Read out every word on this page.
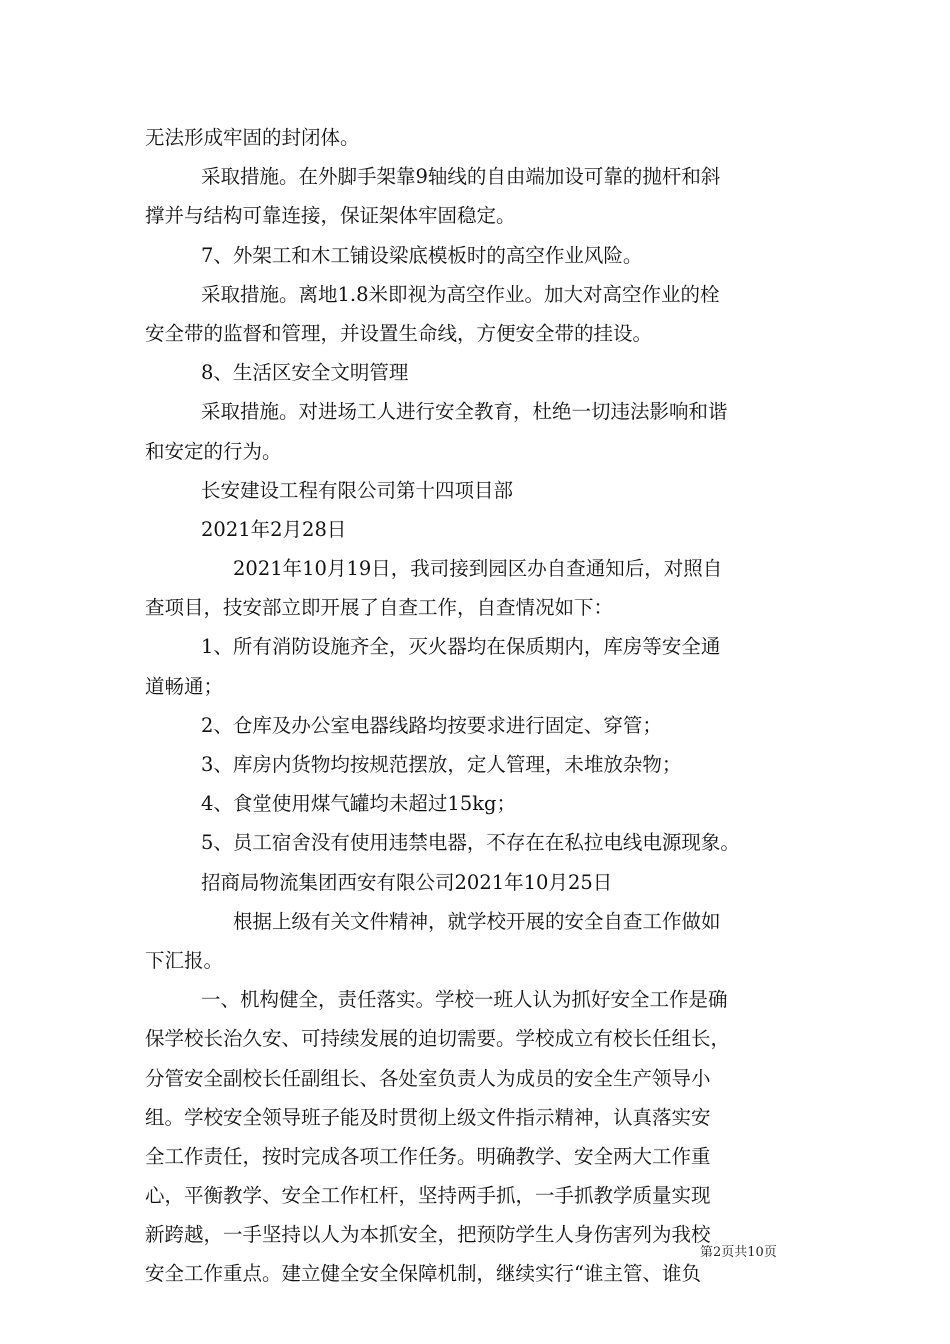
无法形成牢固的封闭体。
采取措施。在外脚手架靠9轴线的自由端加设可靠的抛杆和斜
撑并与结构可靠连接，保证架体牢固稳定。
7、外架工和木工铺设梁底模板时的高空作业风险。
采取措施。离地1.8米即视为高空作业。加大对高空作业的栓
安全带的监督和管理，并设置生命线，方便安全带的挂设。
8、生活区安全文明管理
采取措施。对进场工人进行安全教育，杜绝一切违法影响和谐
和安定的行为。
长安建设工程有限公司第十四项目部
2021年2月28日
2021年10月19日，我司接到园区办自查通知后，对照自
查项目，技安部立即开展了自查工作，自查情况如下：
1、所有消防设施齐全，灭火器均在保质期内，库房等安全通
道畅通；
2、仓库及办公室电器线路均按要求进行固定、穿管；
3、库房内货物均按规范摆放，定人管理，未堆放杂物；
4、食堂使用煤气罐均未超过15kg；
5、员工宿舍没有使用违禁电器，不存在在私拉电线电源现象。
招商局物流集团西安有限公司2021年10月25日
根据上级有关文件精神，就学校开展的安全自查工作做如
下汇报。
一、机构健全，责任落实。学校一班人认为抓好安全工作是确
保学校长治久安、可持续发展的迫切需要。学校成立有校长任组长，
分管安全副校长任副组长、各处室负责人为成员的安全生产领导小
组。学校安全领导班子能及时贯彻上级文件指示精神，认真落实安
全工作责任，按时完成各项工作任务。明确教学、安全两大工作重
心，平衡教学、安全工作杠杆，坚持两手抓，一手抓教学质量实现
新跨越，一手坚持以人为本抓安全，把预防学生人身伤害列为我校
安全工作重点。建立健全安全保障机制，继续实行“谁主管、谁负
第2页共10页
